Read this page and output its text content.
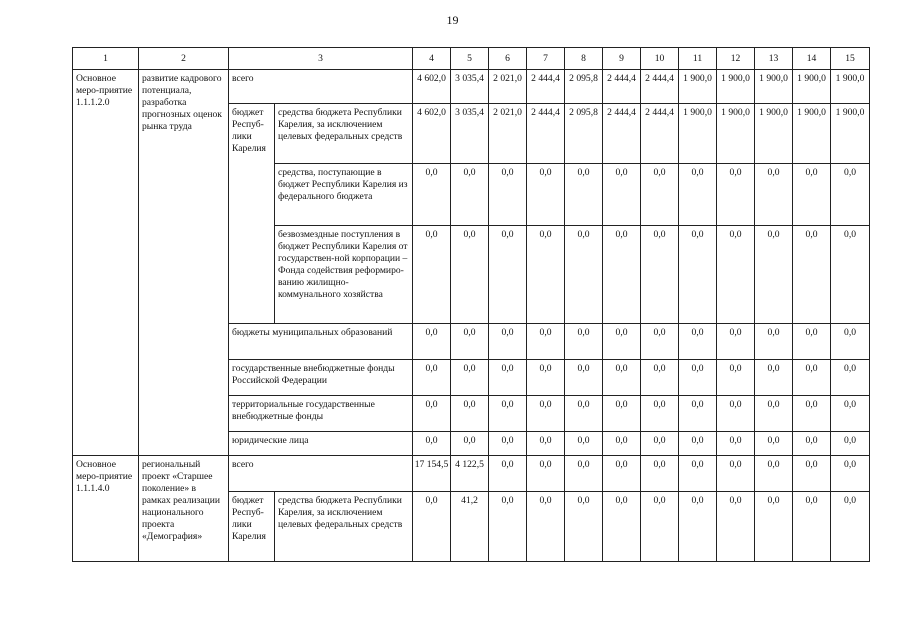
19
1	2	3		4	5	6	7	8	9	10	11	12	13	14	15
Основное меро-приятие 1.1.1.2.0	развитие кадрового потенциала, разработка прогнозных оценок рынка труда	всего		4 602,0	3 035,4	2 021,0	2 444,4	2 095,8	2 444,4	2 444,4	1 900,0	1 900,0	1 900,0	1 900,0	1 900,0
		бюджет Респуб-лики Карелия	средства бюджета Республики Карелия, за исключением целевых федеральных средств	4 602,0	3 035,4	2 021,0	2 444,4	2 095,8	2 444,4	2 444,4	1 900,0	1 900,0	1 900,0	1 900,0	1 900,0
			средства, поступающие в бюджет Республики Карелия из федерального бюджета	0,0	0,0	0,0	0,0	0,0	0,0	0,0	0,0	0,0	0,0	0,0	0,0
			безвозмездные поступления в бюджет Республики Карелия от государствен-ной корпорации – Фонда содействия реформиро-ванию жилищно-коммунального хозяйства	0,0	0,0	0,0	0,0	0,0	0,0	0,0	0,0	0,0	0,0	0,0	0,0
		бюджеты муниципальных образований		0,0	0,0	0,0	0,0	0,0	0,0	0,0	0,0	0,0	0,0	0,0	0,0
		государственные внебюджетные фонды Российской Федерации		0,0	0,0	0,0	0,0	0,0	0,0	0,0	0,0	0,0	0,0	0,0	0,0
		территориальные государственные внебюджетные фонды		0,0	0,0	0,0	0,0	0,0	0,0	0,0	0,0	0,0	0,0	0,0	0,0
		юридические лица		0,0	0,0	0,0	0,0	0,0	0,0	0,0	0,0	0,0	0,0	0,0	0,0
Основное меро-приятие 1.1.1.4.0	региональный проект «Старшее поколение» в рамках реализации национального проекта «Демография»	всего		17 154,5	4 122,5	0,0	0,0	0,0	0,0	0,0	0,0	0,0	0,0	0,0	0,0
		бюджет Респуб-лики Карелия	средства бюджета Республики Карелия, за исключением целевых федеральных средств	0,0	41,2	0,0	0,0	0,0	0,0	0,0	0,0	0,0	0,0	0,0	0,0
